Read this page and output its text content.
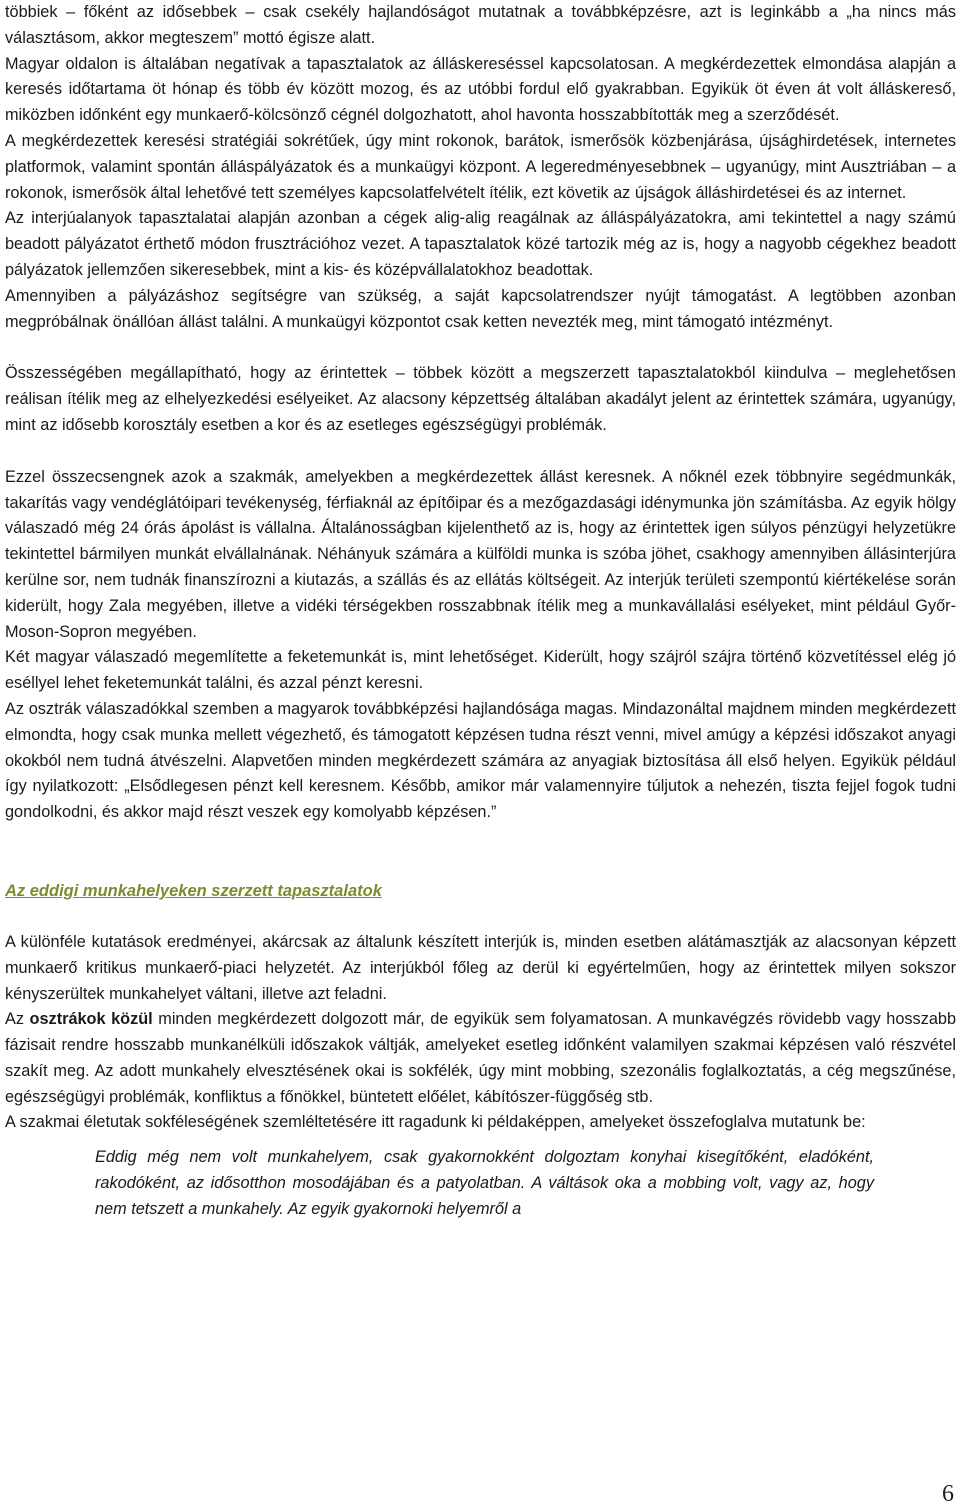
többiek – főként az idősebbek – csak csekély hajlandóságot mutatnak a továbbképzésre, azt is leginkább a „ha nincs más választásom, akkor megteszem” mottó égisze alatt.

Magyar oldalon is általában negatívak a tapasztalatok az álláskereséssel kapcsolatosan. A megkérdezettek elmondása alapján a keresés időtartama öt hónap és több év között mozog, és az utóbbi fordul elő gyakrabban. Egyikük öt éven át volt álláskereső, miközben időnként egy munkaerő-kölcsönző cégnél dolgozhatott, ahol havonta hosszabbították meg a szerződését.

A megkérdezettek keresési stratégiái sokrétűek, úgy mint rokonok, barátok, ismerősök közbenjárása, újsághirdetések, internetes platformok, valamint spontán álláspályázatok és a munkaügyi központ. A legeredményesebbnek – ugyanúgy, mint Ausztriában – a rokonok, ismerősök által lehetővé tett személyes kapcsolatfelvételt ítélik, ezt követik az újságok álláshirdetései és az internet.

Az interjúalanyok tapasztalatai alapján azonban a cégek alig-alig reagálnak az álláspályázatokra, ami tekintettel a nagy számú beadott pályázatot érthető módon frusztrációhoz vezet. A tapasztalatok közé tartozik még az is, hogy a nagyobb cégekhez beadott pályázatok jellemzően sikeresebbek, mint a kis- és középvállalatokhoz beadottak.

Amennyiben a pályázáshoz segítségre van szükség, a saját kapcsolatrendszer nyújt támogatást. A legtöbben azonban megpróbálnak önállóan állást találni. A munkaügyi központot csak ketten nevezték meg, mint támogató intézményt.

Összességében megállapítható, hogy az érintettek – többek között a megszerzett tapasztalatokból kiindulva – meglehetősen reálisan ítélik meg az elhelyezkedési esélyeiket. Az alacsony képzettség általában akadályt jelent az érintettek számára, ugyanúgy, mint az idősebb korosztály esetben a kor és az esetleges egészségügyi problémák.

Ezzel összecsengnek azok a szakmák, amelyekben a megkérdezettek állást keresnek. A nőknél ezek többnyire segédmunkák, takarítás vagy vendéglátóipari tevékenység, férfiaknál az építőipar és a mezőgazdasági idénymunka jön számításba. Az egyik hölgy válaszadó még 24 órás ápolást is vállalna. Általánosságban kijelenthető az is, hogy az érintettek igen súlyos pénzügyi helyzetükre tekintettel bármilyen munkát elvállalnának. Néhányuk számára a külföldi munka is szóba jöhet, csakhogy amennyiben állásinterjúra kerülne sor, nem tudnák finanszírozni a kiutazás, a szállás és az ellátás költségeit. Az interjúk területi szempontú kiértékelése során kiderült, hogy Zala megyében, illetve a vidéki térségekben rosszabbnak ítélik meg a munkavállalási esélyeket, mint például Győr-Moson-Sopron megyében.

Két magyar válaszadó megemlítette a feketemunkát is, mint lehetőséget. Kiderült, hogy szájról szájra történő közvetítéssel elég jó eséllyel lehet feketemunkát találni, és azzal pénzt keresni.

Az osztrák válaszadókkal szemben a magyarok továbbképzési hajlandósága magas. Mindazonáltal majdnem minden megkérdezett elmondta, hogy csak munka mellett végezhető, és támogatott képzésen tudna részt venni, mivel amúgy a képzési időszakot anyagi okokból nem tudná átvészelni. Alapvetően minden megkérdezett számára az anyagiak biztosítása áll első helyen. Egyikük például így nyilatkozott: „Elsődlegesen pénzt kell keresnem. Később, amikor már valamennyire túljutok a nehezén, tiszta fejjel fogok tudni gondolkodni, és akkor majd részt veszek egy komolyabb képzésen.”

Az eddigi munkahelyeken szerzett tapasztalatok

A különféle kutatások eredményei, akárcsak az általunk készített interjúk is, minden esetben alátámasztják az alacsonyan képzett munkaerő kritikus munkaerő-piaci helyzetét. Az interjúkból főleg az derül ki egyértelműen, hogy az érintettek milyen sokszor kényszerültek munkahelyet váltani, illetve azt feladni.

Az osztrákok közül minden megkérdezett dolgozott már, de egyikük sem folyamatosan. A munkavégzés rövidebb vagy hosszabb fázisait rendre hosszabb munkanélküli időszakok váltják, amelyeket esetleg időnként valamilyen szakmai képzésen való részvétel szakít meg. Az adott munkahely elvesztésének okai is sokfélék, úgy mint mobbing, szezonális foglalkoztatás, a cég megszűnése, egészségügyi problémák, konfliktus a főnökkel, büntetett előélet, kábítószer-függőség stb.

A szakmai életutak sokféleségének szemléltetésére itt ragadunk ki példaképpen, amelyeket összefoglalva mutatunk be:

Eddig még nem volt munkahelyem, csak gyakornokként dolgoztam konyhai kisegítőként, eladóként, rakodóként, az idősotthon mosodájában és a patyolatban. A váltások oka a mobbing volt, vagy az, hogy nem tetszett a munkahely. Az egyik gyakornoki helyemről a

6
